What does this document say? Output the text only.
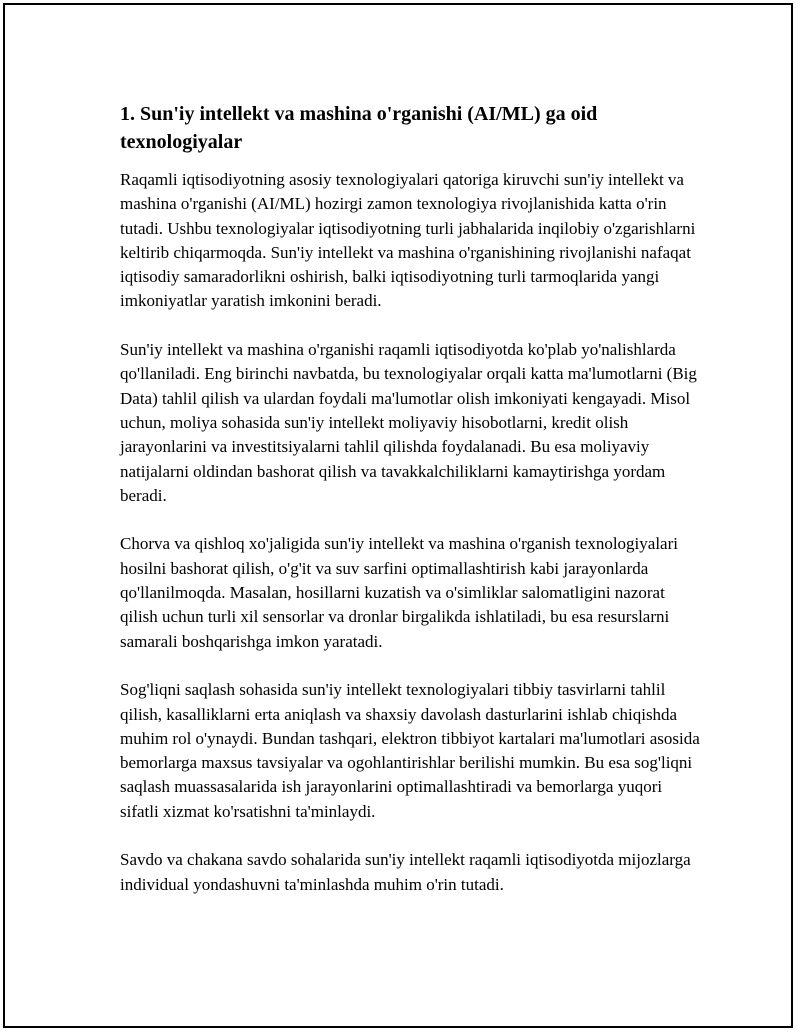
1. Sun'iy intellekt va mashina o'rganishi (AI/ML) ga oid texnologiyalar

Raqamli iqtisodiyotning asosiy texnologiyalari qatoriga kiruvchi sun'iy intellekt va mashina o'rganishi (AI/ML) hozirgi zamon texnologiya rivojlanishida katta o'rin tutadi. Ushbu texnologiyalar iqtisodiyotning turli jabhalarida inqilobiy o'zgarishlarni keltirib chiqarmoqda. Sun'iy intellekt va mashina o'rganishining rivojlanishi nafaqat iqtisodiy samaradorlikni oshirish, balki iqtisodiyotning turli tarmoqlarida yangi imkoniyatlar yaratish imkonini beradi.

Sun'iy intellekt va mashina o'rganishi raqamli iqtisodiyotda ko'plab yo'nalishlarda qo'llaniladi. Eng birinchi navbatda, bu texnologiyalar orqali katta ma'lumotlarni (Big Data) tahlil qilish va ulardan foydali ma'lumotlar olish imkoniyati kengayadi. Misol uchun, moliya sohasida sun'iy intellekt moliyaviy hisobotlarni, kredit olish jarayonlarini va investitsiyalarni tahlil qilishda foydalanadi. Bu esa moliyaviy natijalarni oldindan bashorat qilish va tavakkalchiliklarni kamaytirishga yordam beradi.

Chorva va qishloq xo'jaligida sun'iy intellekt va mashina o'rganish texnologiyalari hosilni bashorat qilish, o'g'it va suv sarfini optimallashtirish kabi jarayonlarda qo'llanilmoqda. Masalan, hosillarni kuzatish va o'simliklar salomatligini nazorat qilish uchun turli xil sensorlar va dronlar birgalikda ishlatiladi, bu esa resurslarni samarali boshqarishga imkon yaratadi.

Sog'liqni saqlash sohasida sun'iy intellekt texnologiyalari tibbiy tasvirlarni tahlil qilish, kasalliklarni erta aniqlash va shaxsiy davolash dasturlarini ishlab chiqishda muhim rol o'ynaydi. Bundan tashqari, elektron tibbiyot kartalari ma'lumotlari asosida bemorlarga maxsus tavsiyalar va ogohlantirishlar berilishi mumkin. Bu esa sog'liqni saqlash muassasalarida ish jarayonlarini optimallashtiradi va bemorlarga yuqori sifatli xizmat ko'rsatishni ta'minlaydi.

Savdo va chakana savdo sohalarida sun'iy intellekt raqamli iqtisodiyotda mijozlarga individual yondashuvni ta'minlashda muhim o'rin tutadi.
